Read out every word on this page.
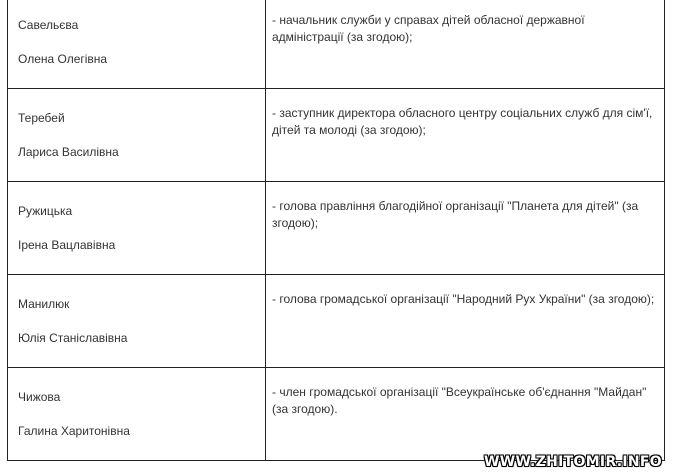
Савельєва
Олена Олегівна	- начальник служби у справах дітей обласної державної адміністрації (за згодою);

Теребей
Лариса Василівна	- заступник директора обласного центру соціальних служб для сім'ї, дітей та молоді (за згодою);

Ружицька
Ірена Вацлавівна	- голова правління благодійної організації "Планета для дітей" (за згодою);

Манилюк
Юлія Станіславівна	- голова громадської організації "Народний Рух України" (за згодою);

Чижова
Галина Харитонівна	- член громадської організації "Всеукраїнське об'єднання "Майдан" (за згодою).
WWW.ZHITOMIR.INFO
